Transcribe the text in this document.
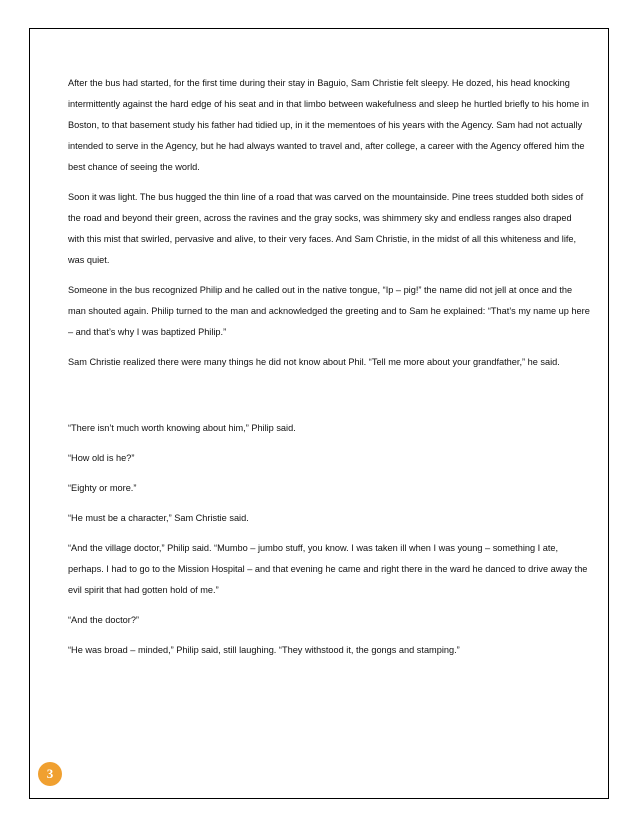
After the bus had started, for the first time during their stay in Baguio, Sam Christie felt sleepy. He dozed, his head knocking intermittently against the hard edge of his seat and in that limbo between wakefulness and sleep he hurtled briefly to his home in Boston, to that basement study his father had tidied up, in it the mementoes of his years with the Agency. Sam had not actually intended to serve in the Agency, but he had always wanted to travel and, after college, a career with the Agency offered him the best chance of seeing the world.

Soon it was light. The bus hugged the thin line of a road that was carved on the mountainside. Pine trees studded both sides of the road and beyond their green, across the ravines and the gray socks, was shimmery sky and endless ranges also draped with this mist that swirled, pervasive and alive, to their very faces. And Sam Christie, in the midst of all this whiteness and life, was quiet.

Someone in the bus recognized Philip and he called out in the native tongue, “Ip – pig!” the name did not jell at once and the man shouted again. Philip turned to the man and acknowledged the greeting and to Sam he explained: “That’s my name up here – and that’s why I was baptized Philip.”

Sam Christie realized there were many things he did not know about Phil. “Tell me more about your grandfather,” he said.

“There isn’t much worth knowing about him,” Philip said.

“How old is he?”

“Eighty or more.”

“He must be a character,” Sam Christie said.

“And the village doctor,” Philip said. “Mumbo – jumbo stuff, you know. I was taken ill when I was young – something I ate, perhaps. I had to go to the Mission Hospital – and that evening he came and right there in the ward he danced to drive away the evil spirit that had gotten hold of me.”

“And the doctor?”

“He was broad – minded,” Philip said, still laughing. “They withstood it, the gongs and stamping.”

3
